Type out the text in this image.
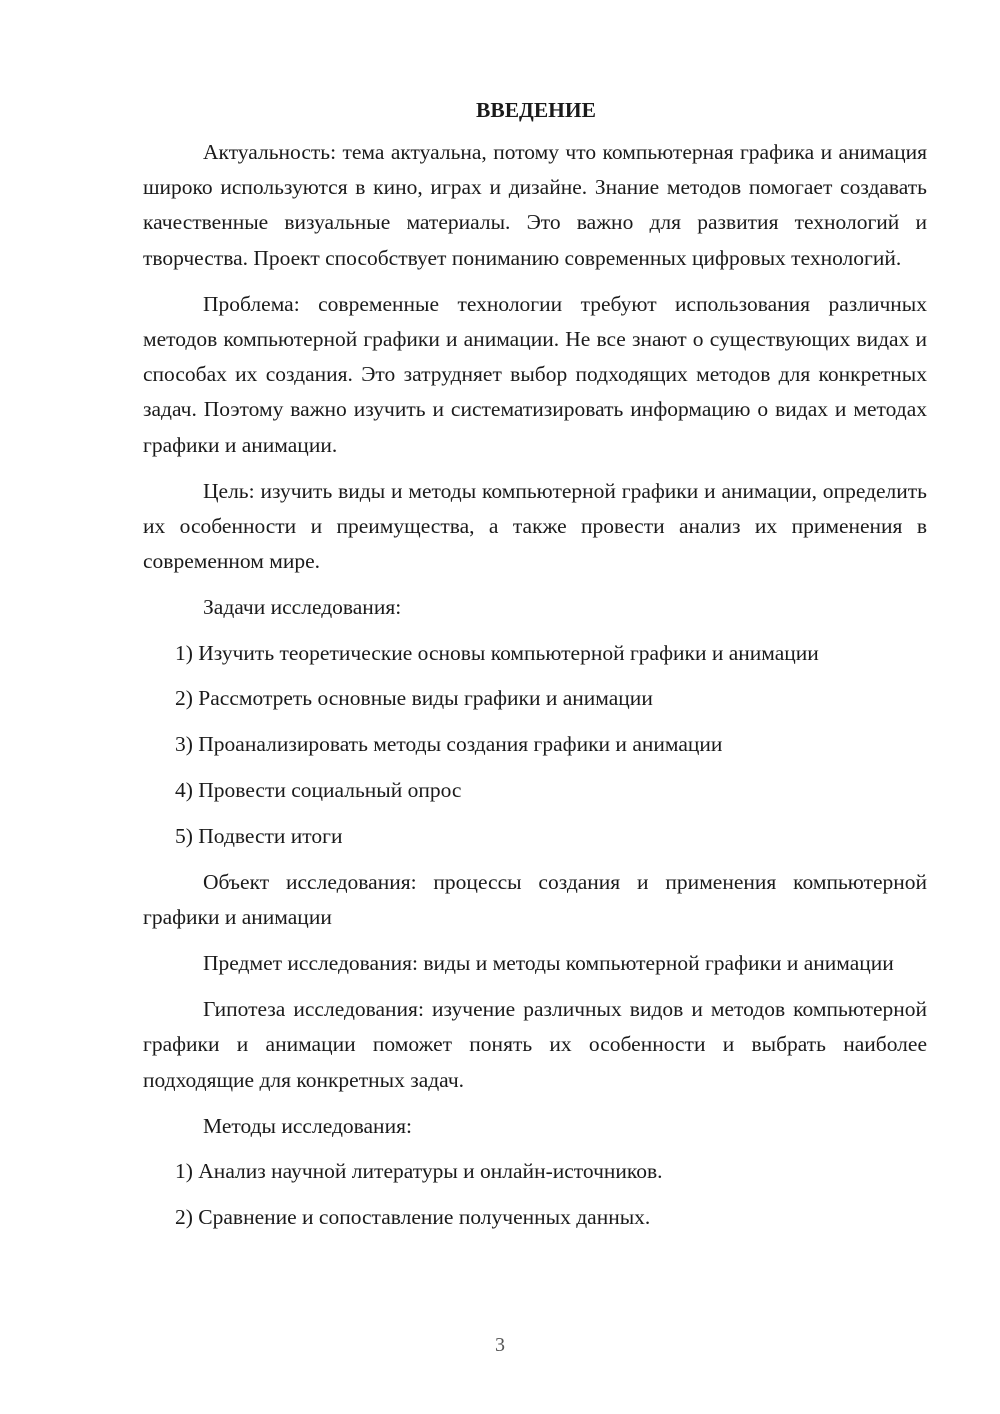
ВВЕДЕНИЕ

Актуальность: тема актуальна, потому что компьютерная графика и анимация широко используются в кино, играх и дизайне. Знание методов помогает создавать качественные визуальные материалы. Это важно для развития технологий и творчества. Проект способствует пониманию современных цифровых технологий.

Проблема: современные технологии требуют использования различных методов компьютерной графики и анимации. Не все знают о существующих видах и способах их создания. Это затрудняет выбор подходящих методов для конкретных задач. Поэтому важно изучить и систематизировать информацию о видах и методах графики и анимации.

Цель: изучить виды и методы компьютерной графики и анимации, определить их особенности и преимущества, а также провести анализ их применения в современном мире.

Задачи исследования:

1) Изучить теоретические основы компьютерной графики и анимации
2) Рассмотреть основные виды графики и анимации
3) Проанализировать методы создания графики и анимации
4) Провести социальный опрос
5) Подвести итоги

Объект исследования: процессы создания и применения компьютерной графики и анимации

Предмет исследования: виды и методы компьютерной графики и анимации

Гипотеза исследования: изучение различных видов и методов компьютерной графики и анимации поможет понять их особенности и выбрать наиболее подходящие для конкретных задач.

Методы исследования:

1) Анализ научной литературы и онлайн-источников.
2) Сравнение и сопоставление полученных данных.
3
